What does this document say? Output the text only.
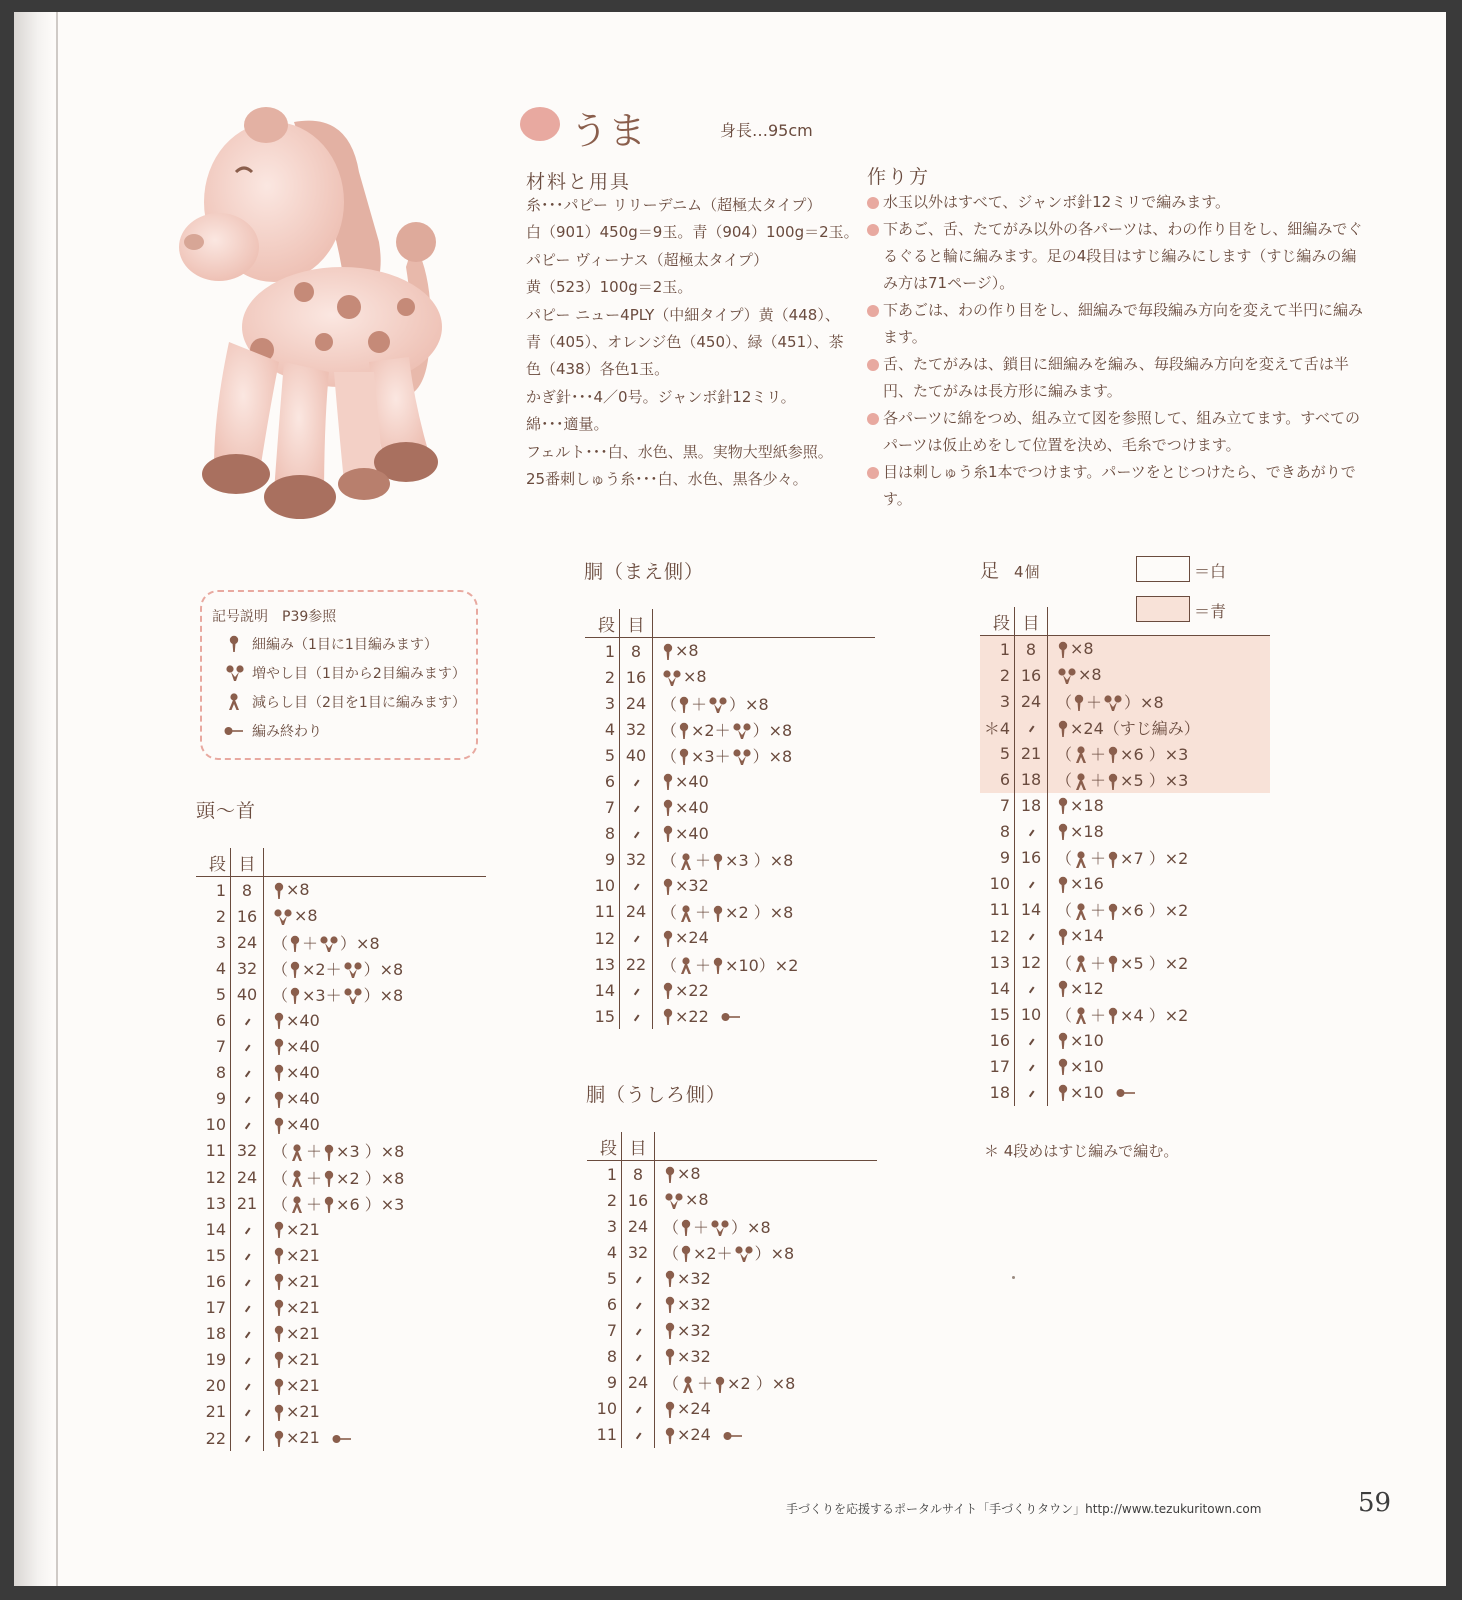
うま	身長…95cm
材料と用具
糸･･･パピー リリーデニム（超極太タイプ）
白（901）450g＝9玉。青（904）100g＝2玉。
パピー ヴィーナス（超極太タイプ）
黄（523）100g＝2玉。
パピー ニュー4PLY（中細タイプ）黄（448）、
青（405）、オレンジ色（450）、緑（451）、茶
色（438）各色1玉。
かぎ針･･･4／0号。ジャンボ針12ミリ。
綿･･･適量。
フェルト･･･白、水色、黒。実物大型紙参照。
25番刺しゅう糸･･･白、水色、黒各少々。
作り方
水玉以外はすべて、ジャンボ針12ミリで編みます。
下あご、舌、たてがみ以外の各パーツは、わの作り目をし、細編みでぐるぐると輪に編みます。足の4段目はすじ編みにします（すじ編みの編み方は71ページ）。
下あごは、わの作り目をし、細編みで毎段編み方向を変えて半円に編みます。
舌、たてがみは、鎖目に細編みを編み、毎段編み方向を変えて舌は半円、たてがみは長方形に編みます。
各パーツに綿をつめ、組み立て図を参照して、組み立てます。すべてのパーツは仮止めをして位置を決め、毛糸でつけます。
目は刺しゅう糸1本でつけます。パーツをとじつけたら、できあがりです。
記号説明　P39参照
細編み（1目に1目編みます）
増やし目（1目から2目編みます）
減らし目（2目を1目に編みます）
編み終わり
頭〜首
胴（まえ側）
胴（うしろ側）
足 4個	＝白
＝青
段	目	
1	8	×8
2	16	×8
3	24	（ ＋ ）×8
4	32	（ ×2＋ ）×8
5	40	（ ×3＋ ）×8
6		×40
7		×40
8		×40
9		×40
10		×40
11	32	（ ＋ ×3 ）×8
12	24	（ ＋ ×2 ）×8
13	21	（ ＋ ×6 ）×3
14		×21
15		×21
16		×21
17		×21
18		×21
19		×21
20		×21
21		×21
22		×21
段	目	
1	8	×8
2	16	×8
3	24	（ ＋ ）×8
4	32	（ ×2＋ ）×8
5	40	（ ×3＋ ）×8
6		×40
7		×40
8		×40
9	32	（ ＋ ×3 ）×8
10		×32
11	24	（ ＋ ×2 ）×8
12		×24
13	22	（ ＋ ×10）×2
14		×22
15		×22
段	目	
1	8	×8
2	16	×8
3	24	（ ＋ ）×8
4	32	（ ×2＋ ）×8
5		×32
6		×32
7		×32
8		×32
9	24	（ ＋ ×2 ）×8
10		×24
11		×24
段	目	
1	8	×8
2	16	×8
3	24	（ ＋ ）×8
＊4		×24（すじ編み）
5	21	（ ＋ ×6 ）×3
6	18	（ ＋ ×5 ）×3
7	18	×18
8		×18
9	16	（ ＋ ×7 ）×2
10		×16
11	14	（ ＋ ×6 ）×2
12		×14
13	12	（ ＋ ×5 ）×2
14		×12
15	10	（ ＋ ×4 ）×2
16		×10
17		×10
18		×10
＊ 4段めはすじ編みで編む。
手づくりを応援するポータルサイト「手づくりタウン」http://www.tezukuritown.com	59
